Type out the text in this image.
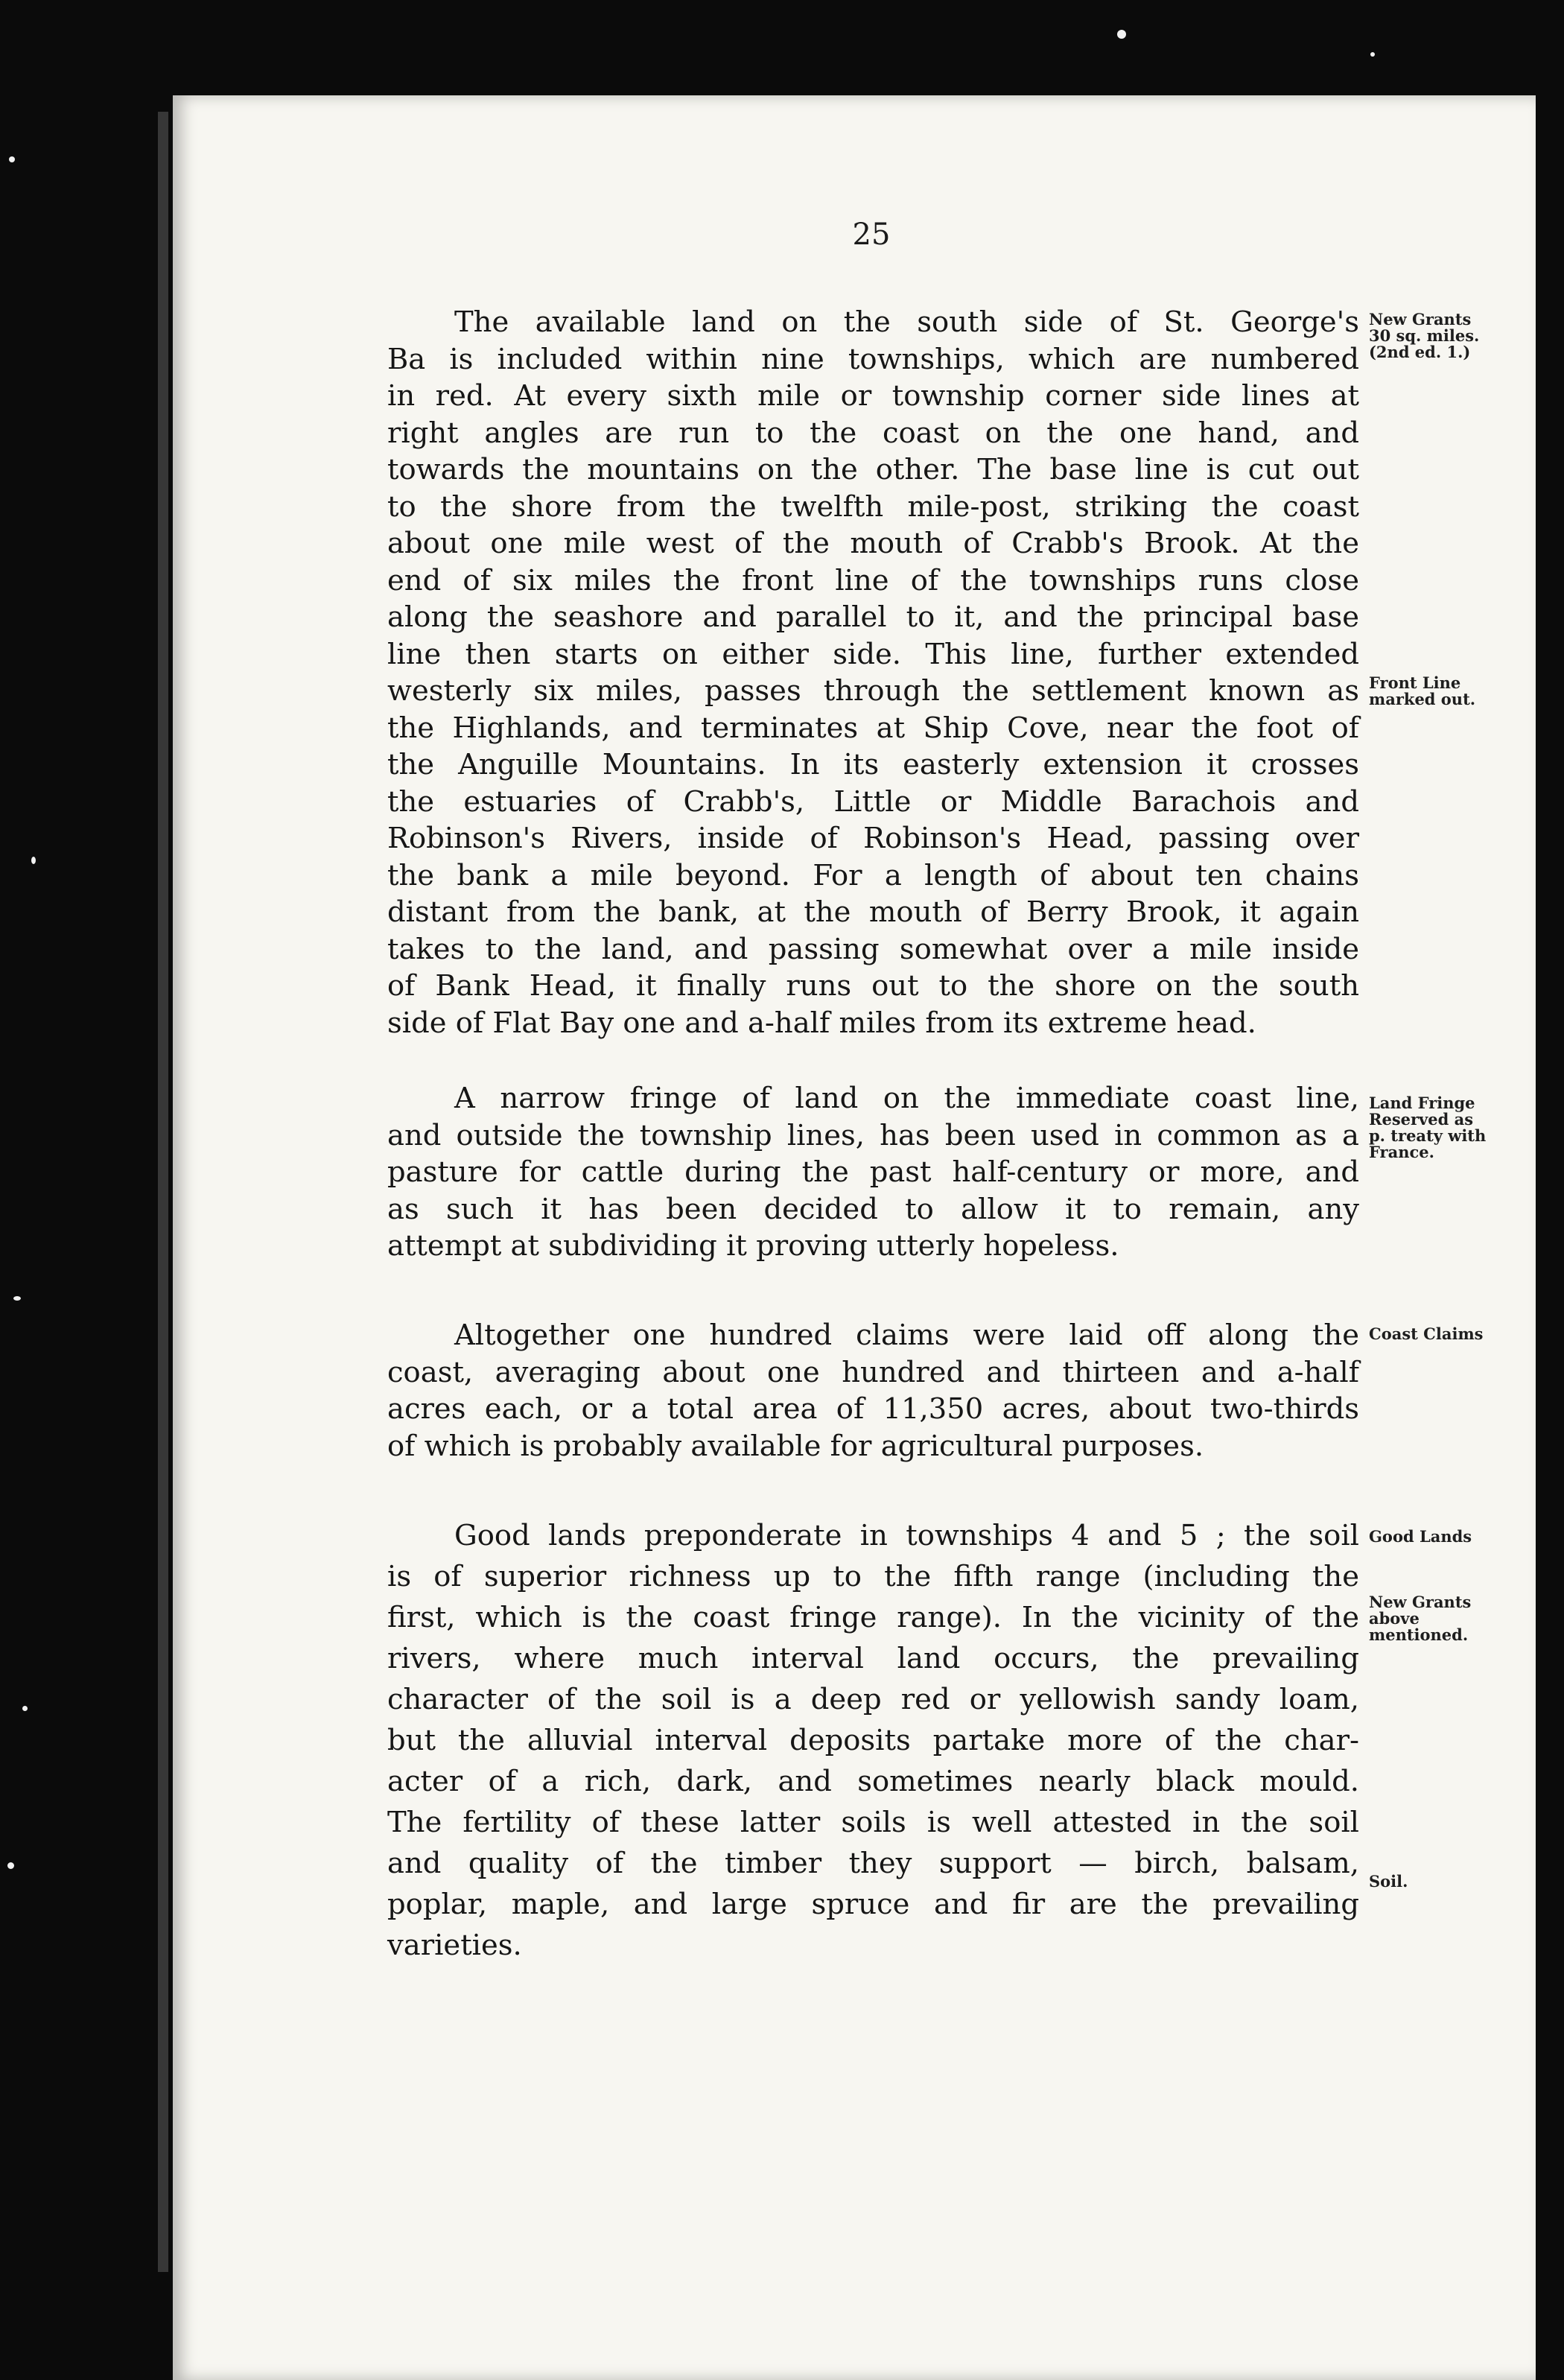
25
The available land on the south side of St. George's
Ba is included within nine townships, which are numbered
in red. At every sixth mile or township corner side lines at
right angles are run to the coast on the one hand, and
towards the mountains on the other. The base line is cut out
to the shore from the twelfth mile-post, striking the coast
about one mile west of the mouth of Crabb's Brook. At the
end of six miles the front line of the townships runs close
along the seashore and parallel to it, and the principal base
line then starts on either side. This line, further extended
westerly six miles, passes through the settlement known as
the Highlands, and terminates at Ship Cove, near the foot of
the Anguille Mountains. In its easterly extension it crosses
the estuaries of Crabb's, Little or Middle Barachois and
Robinson's Rivers, inside of Robinson's Head, passing over
the bank a mile beyond. For a length of about ten chains
distant from the bank, at the mouth of Berry Brook, it again
takes to the land, and passing somewhat over a mile inside
of Bank Head, it finally runs out to the shore on the south
side of Flat Bay one and a-half miles from its extreme head.
A narrow fringe of land on the immediate coast line,
and outside the township lines, has been used in common as a
pasture for cattle during the past half-century or more, and
as such it has been decided to allow it to remain, any
attempt at subdividing it proving utterly hopeless.
Altogether one hundred claims were laid off along the
coast, averaging about one hundred and thirteen and a-half
acres each, or a total area of 11,350 acres, about two-thirds
of which is probably available for agricultural purposes.
Good lands preponderate in townships 4 and 5 ; the soil
is of superior richness up to the fifth range (including the
first, which is the coast fringe range). In the vicinity of the
rivers, where much interval land occurs, the prevailing
character of the soil is a deep red or yellowish sandy loam,
but the alluvial interval deposits partake more of the char-
acter of a rich, dark, and sometimes nearly black mould.
The fertility of these latter soils is well attested in the soil
and quality of the timber they support — birch, balsam,
poplar, maple, and large spruce and fir are the prevailing
varieties.
New Grants
30 sq. miles.
(2nd ed. 1.)
Front Line
marked out.
Land Fringe
Reserved as
p. treaty with
France.
Coast Claims
Good Lands
New Grants
above
mentioned.
Soil.
